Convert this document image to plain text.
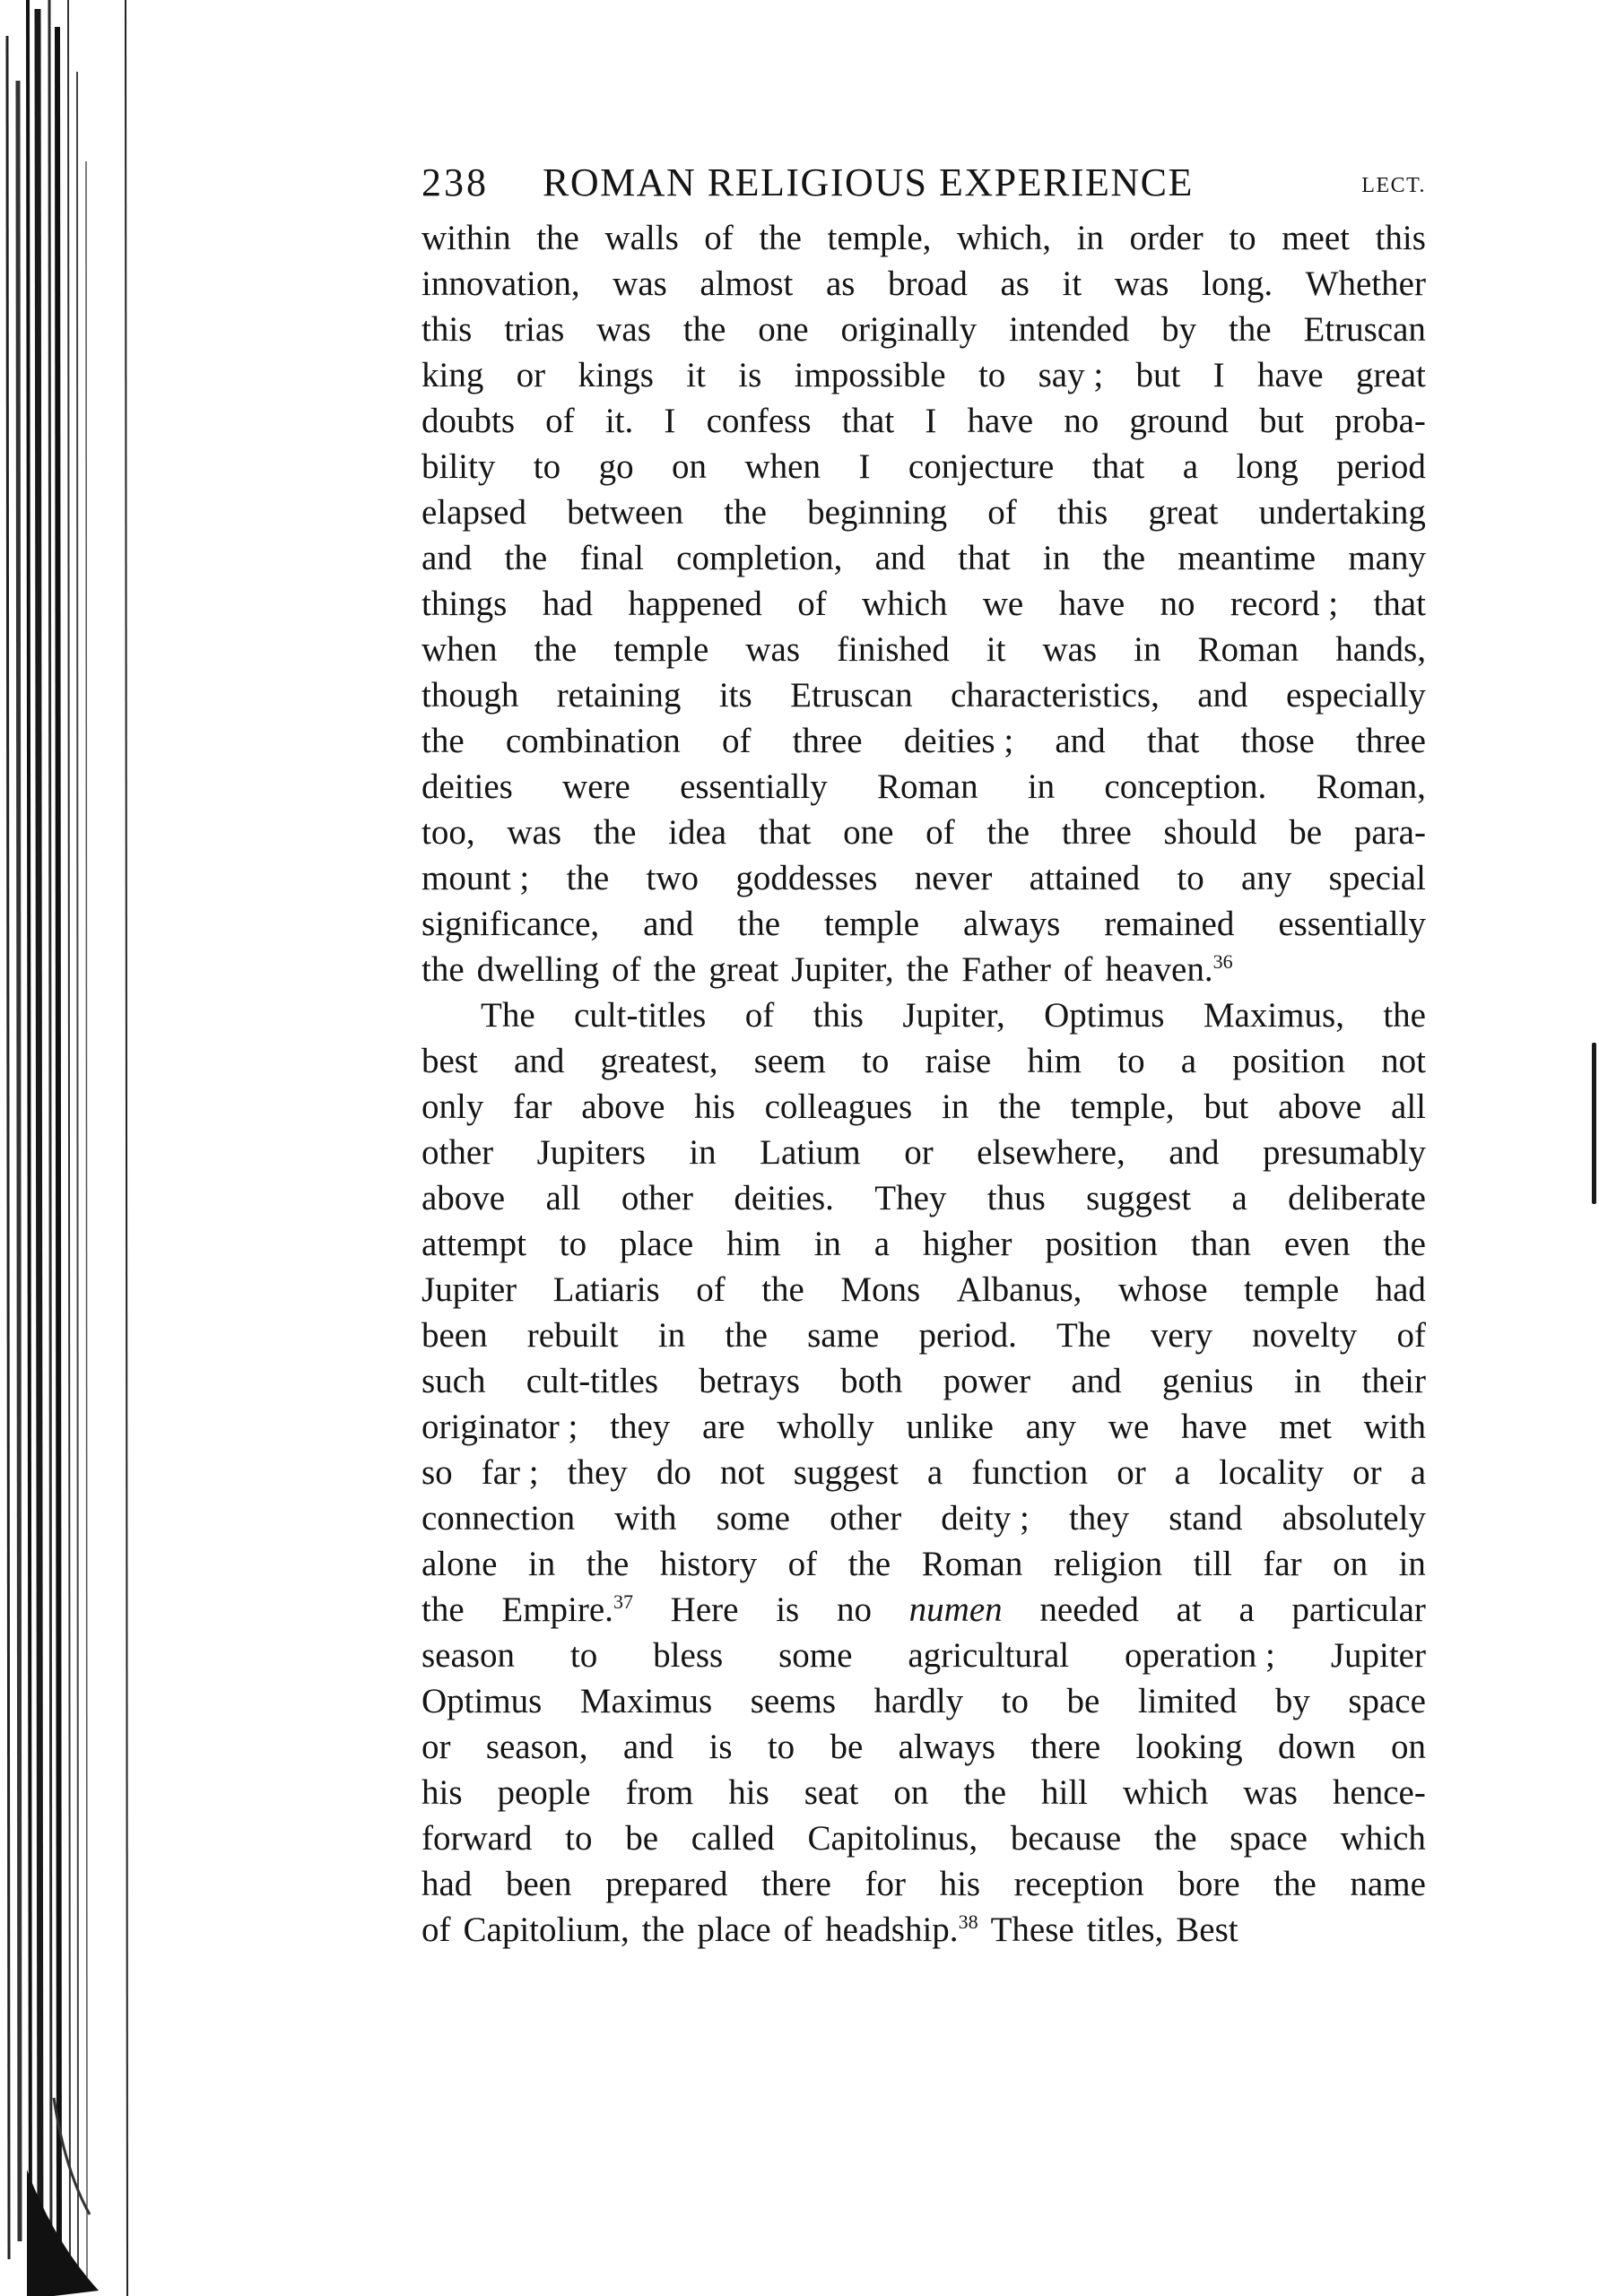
238 ROMAN RELIGIOUS EXPERIENCE	LECT.
within the walls of the temple, which, in order to meet this
innovation, was almost as broad as it was long. Whether
this trias was the one originally intended by the Etruscan
king or kings it is impossible to say ; but I have great
doubts of it. I confess that I have no ground but proba-
bility to go on when I conjecture that a long period
elapsed between the beginning of this great undertaking
and the final completion, and that in the meantime many
things had happened of which we have no record ; that
when the temple was finished it was in Roman hands,
though retaining its Etruscan characteristics, and especially
the combination of three deities ; and that those three
deities were essentially Roman in conception. Roman,
too, was the idea that one of the three should be para-
mount ; the two goddesses never attained to any special
significance, and the temple always remained essentially
the dwelling of the great Jupiter, the Father of heaven.$^{36}$
The cult-titles of this Jupiter, Optimus Maximus, the
best and greatest, seem to raise him to a position not
only far above his colleagues in the temple, but above all
other Jupiters in Latium or elsewhere, and presumably
above all other deities. They thus suggest a deliberate
attempt to place him in a higher position than even the
Jupiter Latiaris of the Mons Albanus, whose temple had
been rebuilt in the same period. The very novelty of
such cult-titles betrays both power and genius in their
originator ; they are wholly unlike any we have met with
so far ; they do not suggest a function or a locality or a
connection with some other deity ; they stand absolutely
alone in the history of the Roman religion till far on in
the Empire.$^{37}$ Here is no numen needed at a particular
season to bless some agricultural operation ; Jupiter
Optimus Maximus seems hardly to be limited by space
or season, and is to be always there looking down on
his people from his seat on the hill which was hence-
forward to be called Capitolinus, because the space which
had been prepared there for his reception bore the name
of Capitolium, the place of headship.$^{38}$ These titles, Best
